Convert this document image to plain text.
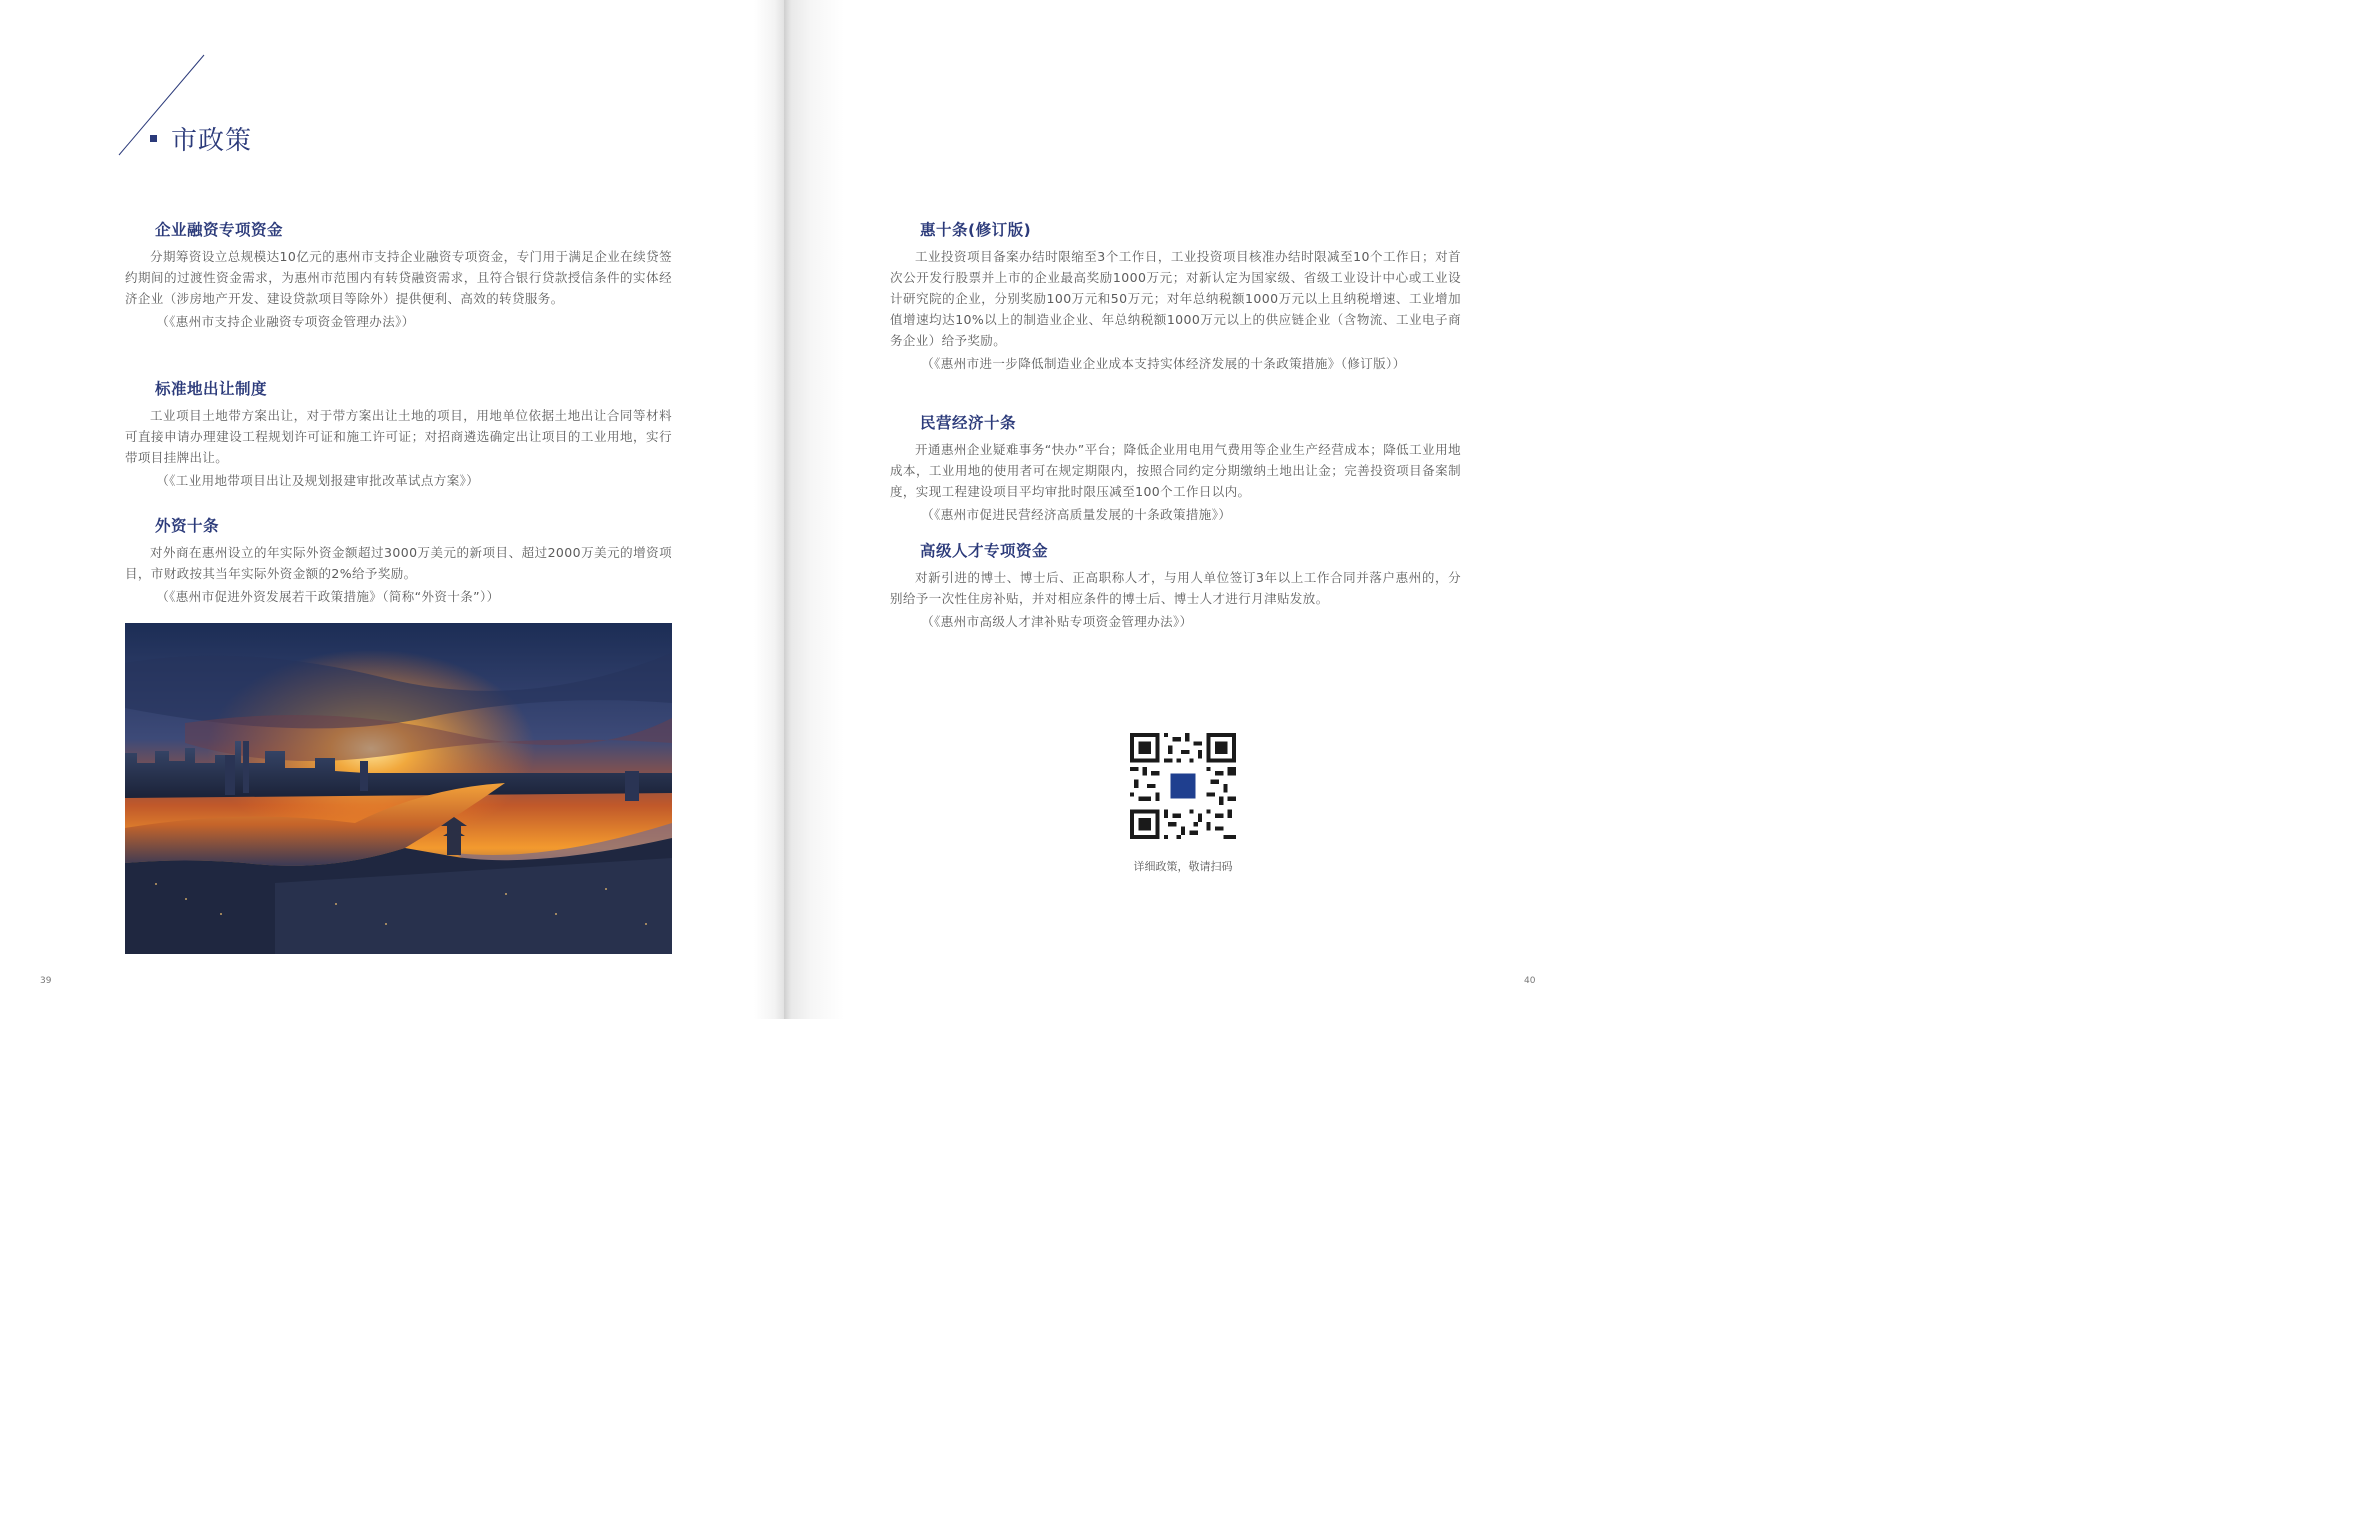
市政策
企业融资专项资金

分期筹资设立总规模达10亿元的惠州市支持企业融资专项资金，专门用于满足企业在续贷签约期间的过渡性资金需求，为惠州市范围内有转贷融资需求，且符合银行贷款授信条件的实体经济企业（涉房地产开发、建设贷款项目等除外）提供便利、高效的转贷服务。

（《惠州市支持企业融资专项资金管理办法》）

标准地出让制度

工业项目土地带方案出让，对于带方案出让土地的项目，用地单位依据土地出让合同等材料可直接申请办理建设工程规划许可证和施工许可证；对招商遴选确定出让项目的工业用地，实行带项目挂牌出让。

（《工业用地带项目出让及规划报建审批改革试点方案》）

外资十条

对外商在惠州设立的年实际外资金额超过3000万美元的新项目、超过2000万美元的增资项目，市财政按其当年实际外资金额的2%给予奖励。

（《惠州市促进外资发展若干政策措施》（简称“外资十条”））

39
惠十条(修订版)

工业投资项目备案办结时限缩至3个工作日，工业投资项目核准办结时限减至10个工作日；对首次公开发行股票并上市的企业最高奖励1000万元；对新认定为国家级、省级工业设计中心或工业设计研究院的企业，分别奖励100万元和50万元；对年总纳税额1000万元以上且纳税增速、工业增加值增速均达10%以上的制造业企业、年总纳税额1000万元以上的供应链企业（含物流、工业电子商务企业）给予奖励。

（《惠州市进一步降低制造业企业成本支持实体经济发展的十条政策措施》（修订版））

民营经济十条

开通惠州企业疑难事务“快办”平台；降低企业用电用气费用等企业生产经营成本；降低工业用地成本，工业用地的使用者可在规定期限内，按照合同约定分期缴纳土地出让金；完善投资项目备案制度，实现工程建设项目平均审批时限压减至100个工作日以内。

（《惠州市促进民营经济高质量发展的十条政策措施》）

高级人才专项资金

对新引进的博士、博士后、正高职称人才，与用人单位签订3年以上工作合同并落户惠州的，分别给予一次性住房补贴，并对相应条件的博士后、博士人才进行月津贴发放。

（《惠州市高级人才津补贴专项资金管理办法》）

详细政策，敬请扫码
40
